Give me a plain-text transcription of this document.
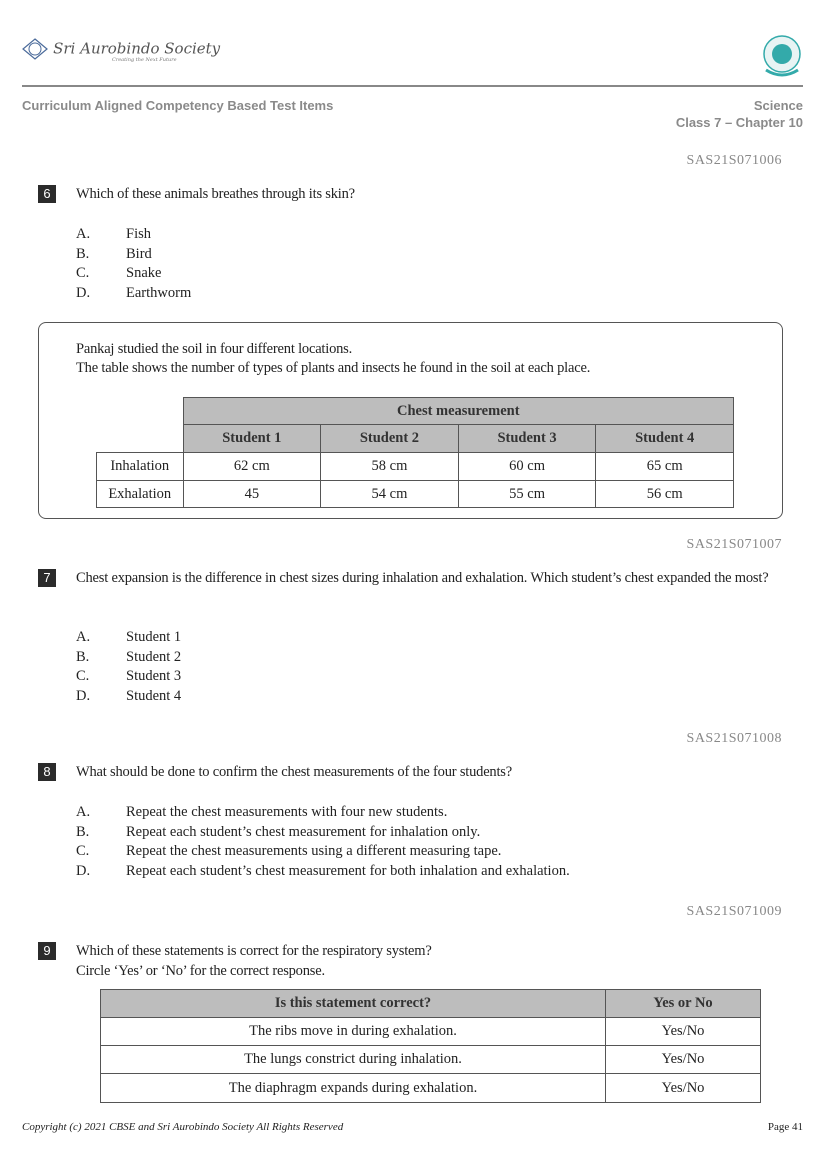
Sri Aurobindo Society
Creating the Next Future
Curriculum Aligned Competency Based Test Items	Science
Class 7 – Chapter 10
SAS21S071006
6	Which of these animals breathes through its skin?
A. Fish
B.	Bird
C.	Snake
D. Earthworm
Pankaj studied the soil in four different locations.
The table shows the number of types of plants and insects he found in the soil at each place.
	Chest measurement			
	Student 1	Student 2	Student 3	Student 4
Inhalation	62 cm	58 cm	60 cm	65 cm
Exhalation	45	54 cm	55 cm	56 cm
SAS21S071007
7	Chest expansion is the difference in chest sizes during inhalation and exhalation. Which student’s chest expanded the most?
A. Student 1
B.	Student 2
C.	Student 3
D. Student 4
SAS21S071008
8	What should be done to confirm the chest measurements of the four students?
A. Repeat the chest measurements with four new students.
B.	Repeat each student’s chest measurement for inhalation only.
C.	Repeat the chest measurements using a different measuring tape.
D. Repeat each student’s chest measurement for both inhalation and exhalation.
SAS21S071009
9	Which of these statements is correct for the respiratory system?
Circle ‘Yes’ or ‘No’ for the correct response.
Is this statement correct?	Yes or No
The ribs move in during exhalation.	Yes/No
The lungs constrict during inhalation.	Yes/No
The diaphragm expands during exhalation.	Yes/No
Copyright (c) 2021 CBSE and Sri Aurobindo Society All Rights Reserved	Page 41
